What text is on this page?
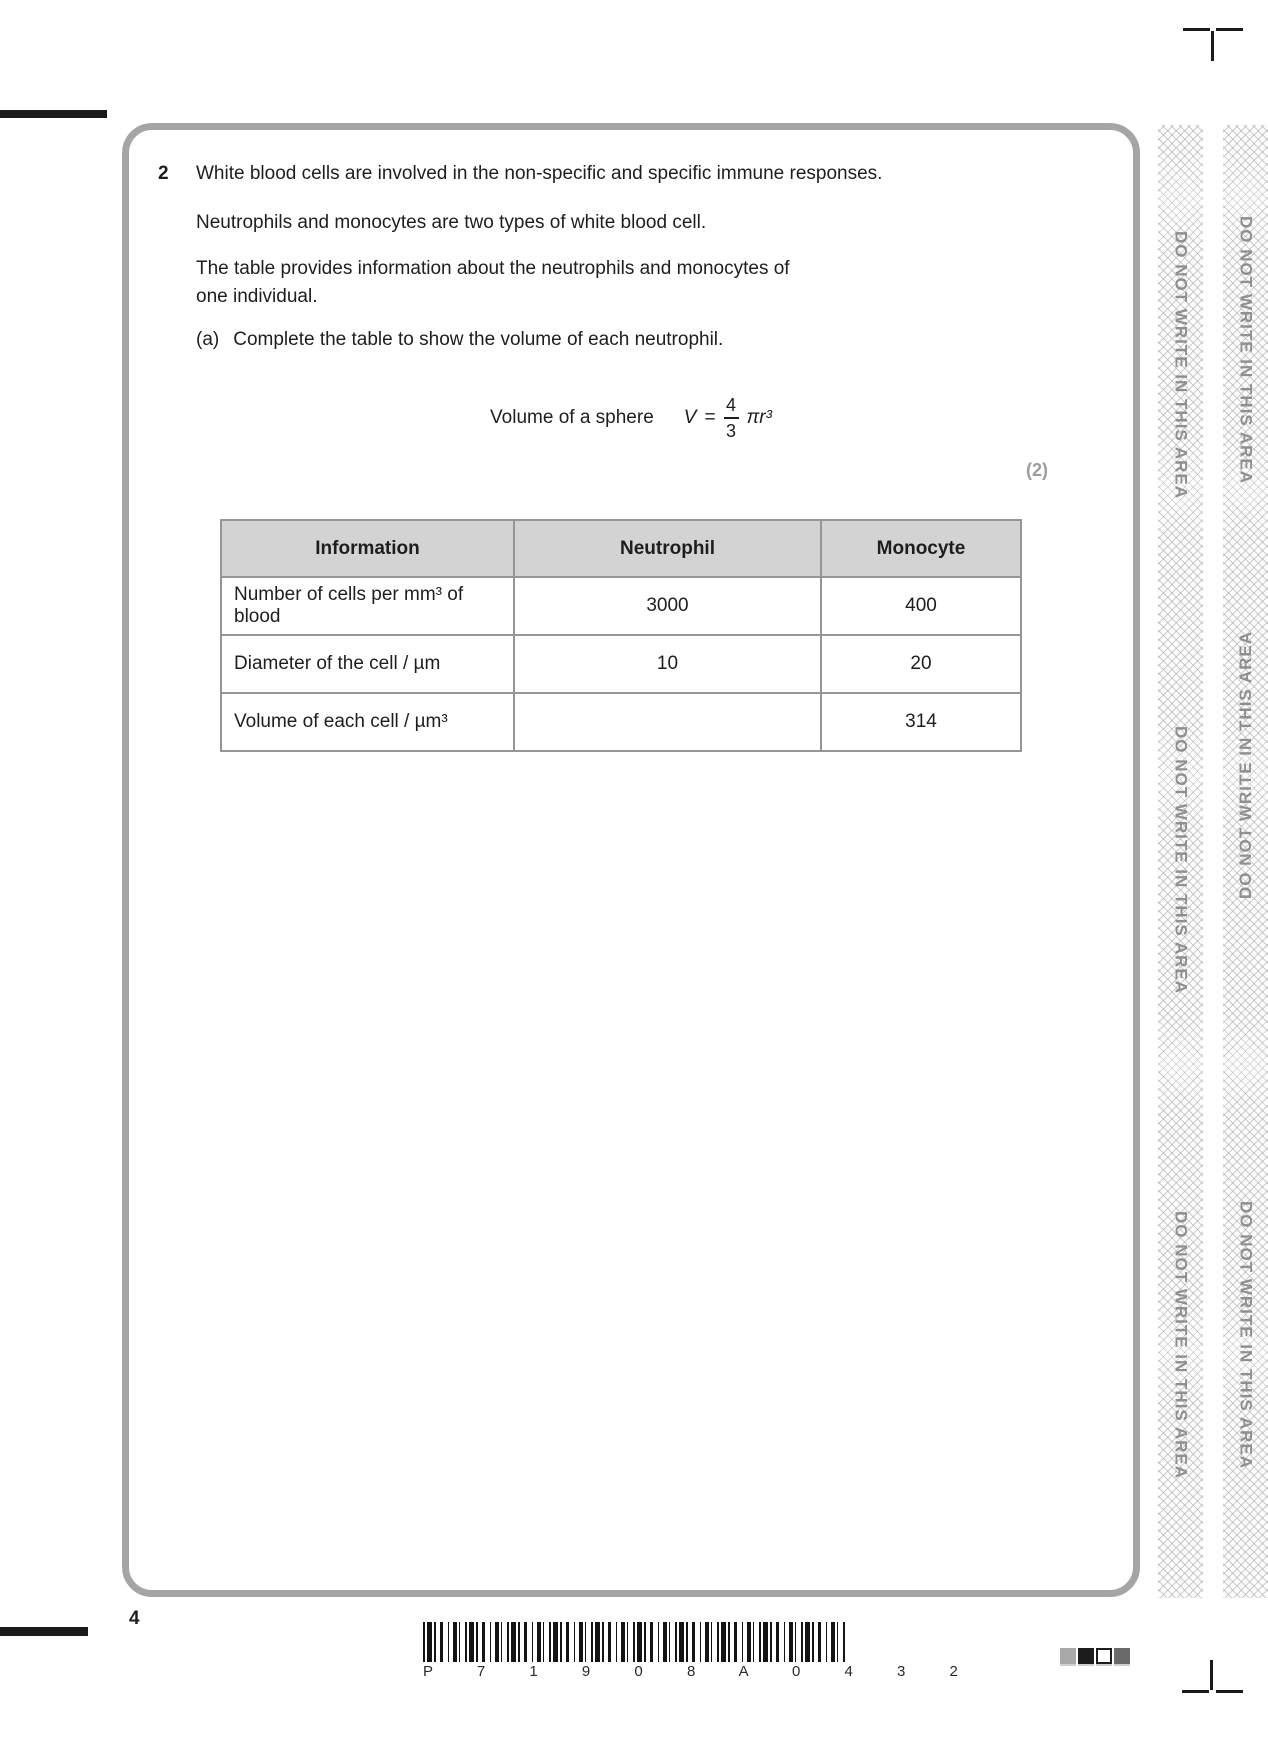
2 White blood cells are involved in the non-specific and specific immune responses.
Neutrophils and monocytes are two types of white blood cell.
The table provides information about the neutrophils and monocytes of
one individual.
(a) Complete the table to show the volume of each neutrophil.
Volume of a sphere $V = \frac{4}{3} \pi r^3$
(2)
Information	Neutrophil	Monocyte
Number of cells per mm³ of blood	3000	400
Diameter of the cell / µm	10	20
Volume of each cell / µm³		314
DO NOT WRITE IN THIS AREA
DO NOT WRITE IN THIS AREA
DO NOT WRITE IN THIS AREA
DO NOT WRITE IN THIS AREA
DO NOT WRITE IN THIS AREA
DO NOT WRITE IN THIS AREA
4
P 7 1 9 0 8 A 0 4 3 2
